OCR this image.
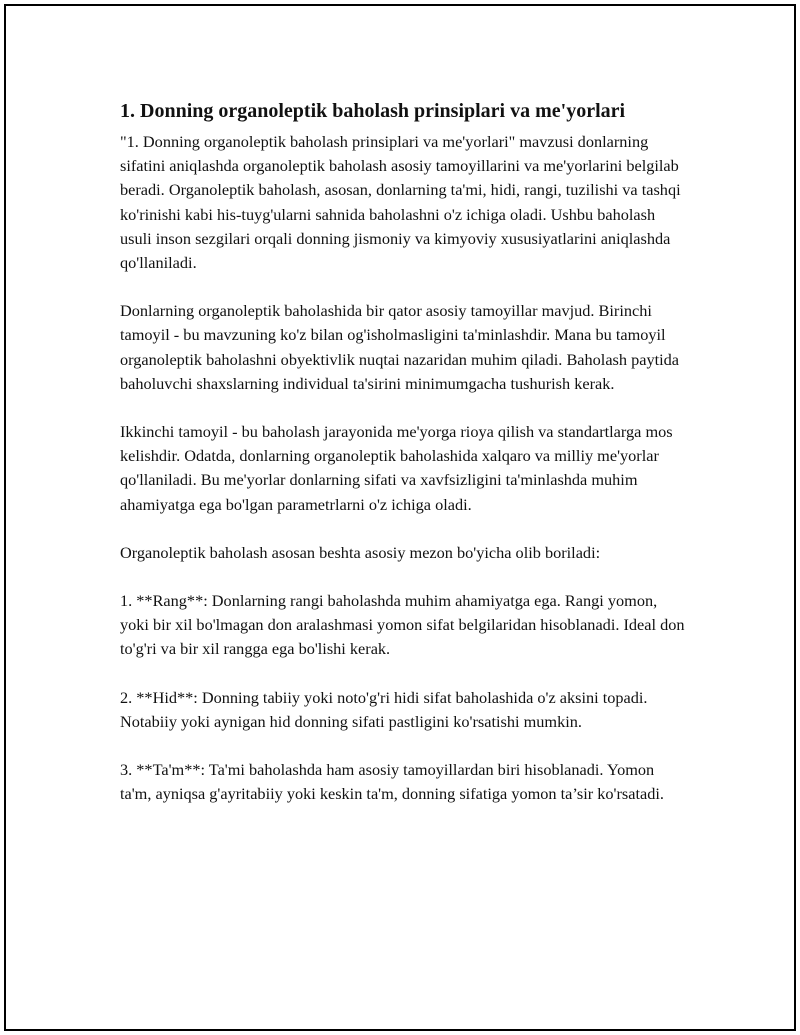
1. Donning organoleptik baholash prinsiplari va me'yorlari

"1. Donning organoleptik baholash prinsiplari va me'yorlari" mavzusi donlarning sifatini aniqlashda organoleptik baholash asosiy tamoyillarini va me'yorlarini belgilab beradi. Organoleptik baholash, asosan, donlarning ta'mi, hidi, rangi, tuzilishi va tashqi ko'rinishi kabi his-tuyg'ularni sahnida baholashni o'z ichiga oladi. Ushbu baholash usuli inson sezgilari orqali donning jismoniy va kimyoviy xususiyatlarini aniqlashda qo'llaniladi.

Donlarning organoleptik baholashida bir qator asosiy tamoyillar mavjud. Birinchi tamoyil - bu mavzuning ko'z bilan og'isholmasligini ta'minlashdir. Mana bu tamoyil organoleptik baholashni obyektivlik nuqtai nazaridan muhim qiladi. Baholash paytida baholuvchi shaxslarning individual ta'sirini minimumgacha tushurish kerak.

Ikkinchi tamoyil - bu baholash jarayonida me'yorga rioya qilish va standartlarga mos kelishdir. Odatda, donlarning organoleptik baholashida xalqaro va milliy me'yorlar qo'llaniladi. Bu me'yorlar donlarning sifati va xavfsizligini ta'minlashda muhim ahamiyatga ega bo'lgan parametrlarni o'z ichiga oladi.

Organoleptik baholash asosan beshta asosiy mezon bo'yicha olib boriladi:

1. **Rang**: Donlarning rangi baholashda muhim ahamiyatga ega. Rangi yomon, yoki bir xil bo'lmagan don aralashmasi yomon sifat belgilaridan hisoblanadi. Ideal don to'g'ri va bir xil rangga ega bo'lishi kerak.

2. **Hid**: Donning tabiiy yoki noto'g'ri hidi sifat baholashida o'z aksini topadi. Notabiiy yoki aynigan hid donning sifati pastligini ko'rsatishi mumkin.

3. **Ta'm**: Ta'mi baholashda ham asosiy tamoyillardan biri hisoblanadi. Yomon ta'm, ayniqsa g'ayritabiiy yoki keskin ta'm, donning sifatiga yomon ta’sir ko'rsatadi.
